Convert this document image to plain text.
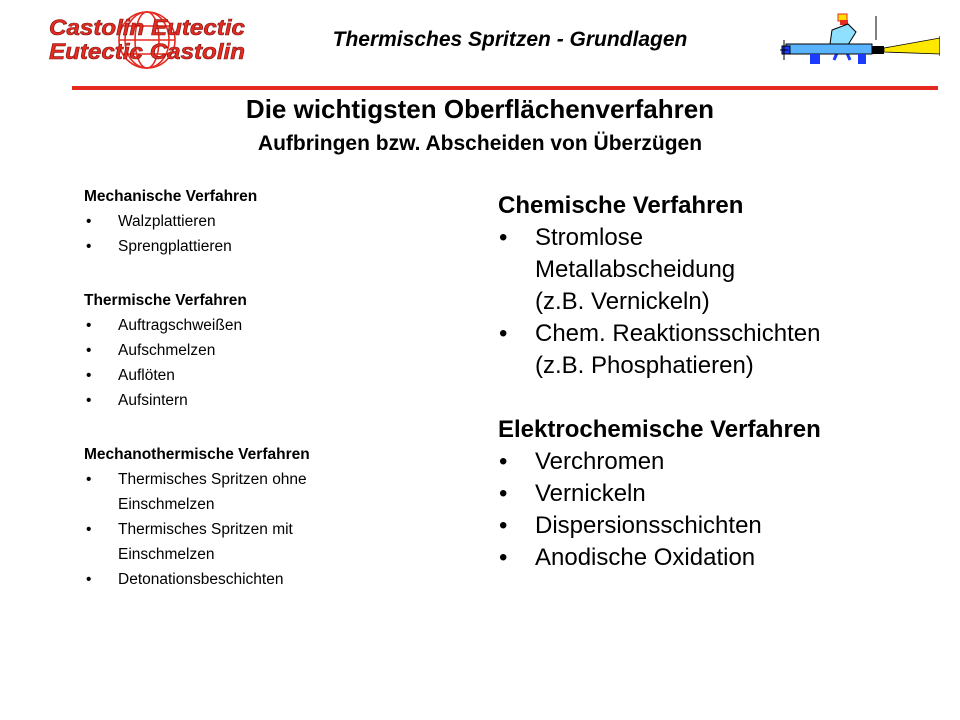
Castolin Eutectic
Eutectic Castolin	Thermisches Spritzen - Grundlagen
Die wichtigsten Oberflächenverfahren
Aufbringen bzw. Abscheiden von Überzügen
Mechanische Verfahren
• Walzplattieren
• Sprengplattieren
Thermische Verfahren
• Auftragschweißen
• Aufschmelzen
• Auflöten
• Aufsintern
Mechanothermische Verfahren
• Thermisches Spritzen ohne
Einschmelzen
• Thermisches Spritzen mit
Einschmelzen
• Detonationsbeschichten
Chemische Verfahren
• Stromlose
Metallabscheidung
(z.B. Vernickeln)
• Chem. Reaktionsschichten
(z.B. Phosphatieren)
Elektrochemische Verfahren
• Verchromen
• Vernickeln
• Dispersionsschichten
• Anodische Oxidation
